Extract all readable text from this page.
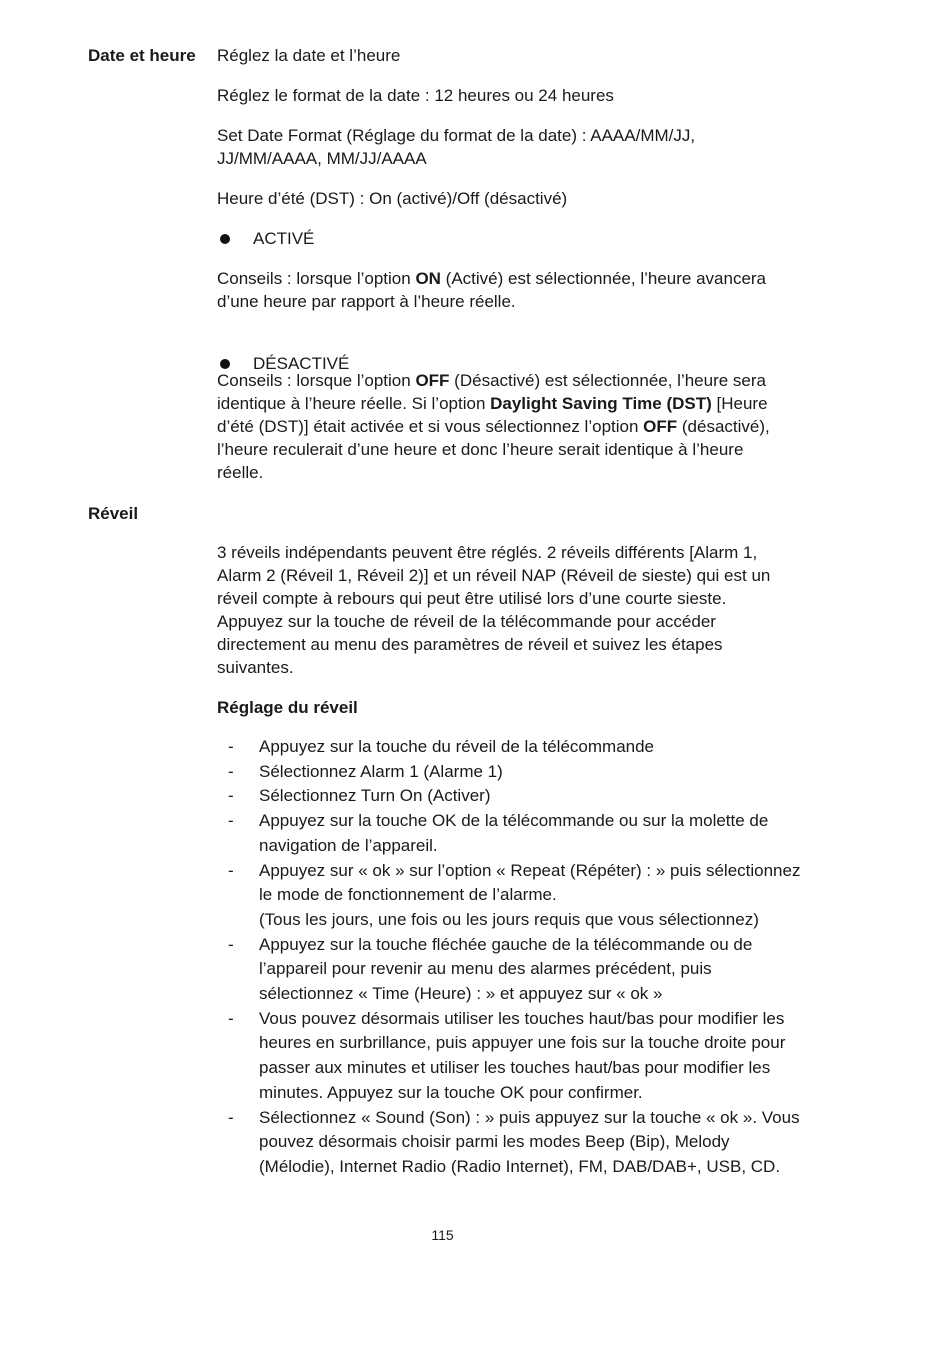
Date et heure Réglez la date et l’heure

Réglez le format de la date : 12 heures ou 24 heures

Set Date Format (Réglage du format de la date) : AAAA/MM/JJ, JJ/MM/AAAA, MM/JJ/AAAA

Heure d’été (DST) : On (activé)/Off (désactivé)

ACTIVÉ

Conseils : lorsque l’option ON (Activé) est sélectionnée, l’heure avancera d’une heure par rapport à l’heure réelle.

DÉSACTIVÉ

Conseils : lorsque l’option OFF (Désactivé) est sélectionnée, l’heure sera identique à l’heure réelle. Si l’option Daylight Saving Time (DST) [Heure d’été (DST)] était activée et si vous sélectionnez l’option OFF (désactivé), l’heure reculerait d’une heure et donc l’heure serait identique à l’heure réelle.

Réveil

3 réveils indépendants peuvent être réglés. 2 réveils différents [Alarm 1, Alarm 2 (Réveil 1, Réveil 2)] et un réveil NAP (Réveil de sieste) qui est un réveil compte à rebours qui peut être utilisé lors d’une courte sieste. Appuyez sur la touche de réveil de la télécommande pour accéder directement au menu des paramètres de réveil et suivez les étapes suivantes.

Réglage du réveil

- Appuyez sur la touche du réveil de la télécommande
- Sélectionnez Alarm 1 (Alarme 1)
- Sélectionnez Turn On (Activer)
- Appuyez sur la touche OK de la télécommande ou sur la molette de navigation de l’appareil.
- Appuyez sur « ok » sur l’option « Repeat (Répéter) : » puis sélectionnez le mode de fonctionnement de l’alarme.
(Tous les jours, une fois ou les jours requis que vous sélectionnez)
- Appuyez sur la touche fléchée gauche de la télécommande ou de l’appareil pour revenir au menu des alarmes précédent, puis sélectionnez « Time (Heure) : » et appuyez sur « ok »
- Vous pouvez désormais utiliser les touches haut/bas pour modifier les heures en surbrillance, puis appuyer une fois sur la touche droite pour passer aux minutes et utiliser les touches haut/bas pour modifier les minutes. Appuyez sur la touche OK pour confirmer.
- Sélectionnez « Sound (Son) : » puis appuyez sur la touche « ok ». Vous pouvez désormais choisir parmi les modes Beep (Bip), Melody (Mélodie), Internet Radio (Radio Internet), FM, DAB/DAB+, USB, CD.
115
